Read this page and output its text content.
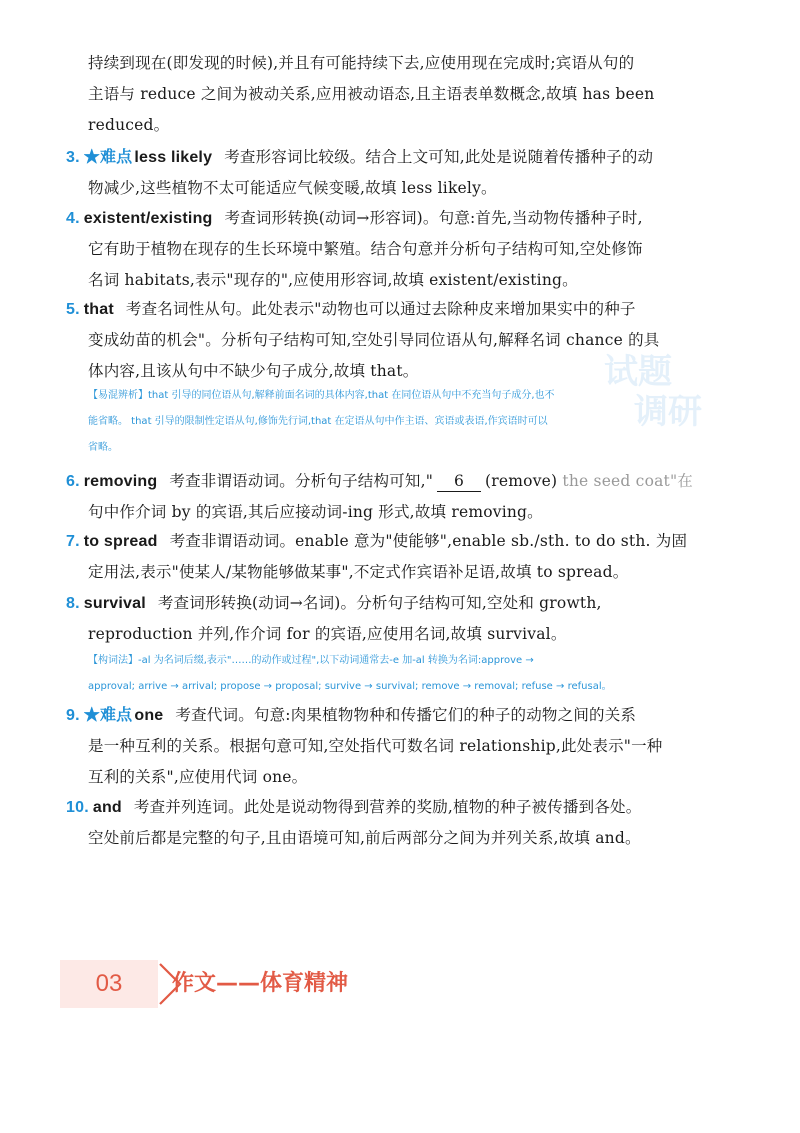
持续到现在(即发现的时候),并且有可能持续下去,应使用现在完成时;宾语从句的
主语与 reduce 之间为被动关系,应用被动语态,且主语表单数概念,故填 has been
reduced。
3. ★难点 less likely 考查形容词比较级。结合上文可知,此处是说随着传播种子的动
物减少,这些植物不太可能适应气候变暖,故填 less likely。
4. existent/existing 考查词形转换(动词→形容词)。句意:首先,当动物传播种子时,
它有助于植物在现存的生长环境中繁殖。结合句意并分析句子结构可知,空处修饰
名词 habitats,表示"现存的",应使用形容词,故填 existent/existing。
5. that 考查名词性从句。此处表示"动物也可以通过去除种皮来增加果实中的种子
变成幼苗的机会"。分析句子结构可知,空处引导同位语从句,解释名词 chance 的具
体内容,且该从句中不缺少句子成分,故填 that。
【易混辨析】that 引导的同位语从句,解释前面名词的具体内容,that 在同位语从句中不充当句子成分,也不
能省略。 that 引导的限制性定语从句,修饰先行词,that 在定语从句中作主语、宾语或表语,作宾语时可以
省略。
试题
调研
6. removing 考查非谓语动词。分析句子结构可知," 6 (remove) the seed coat"在
句中作介词 by 的宾语,其后应接动词-ing 形式,故填 removing。
7. to spread 考查非谓语动词。enable 意为"使能够",enable sb./sth. to do sth. 为固
定用法,表示"使某人/某物能够做某事",不定式作宾语补足语,故填 to spread。
8. survival 考查词形转换(动词→名词)。分析句子结构可知,空处和 growth,
reproduction 并列,作介词 for 的宾语,应使用名词,故填 survival。
【构词法】-al 为名词后缀,表示"……的动作或过程",以下动词通常去-e 加-al 转换为名词:approve →
approval; arrive → arrival; propose → proposal; survive → survival; remove → removal; refuse → refusal。
9. ★难点 one 考查代词。句意:肉果植物物种和传播它们的种子的动物之间的关系
是一种互利的关系。根据句意可知,空处指代可数名词 relationship,此处表示"一种
互利的关系",应使用代词 one。
10. and 考查并列连词。此处是说动物得到营养的奖励,植物的种子被传播到各处。
空处前后都是完整的句子,且由语境可知,前后两部分之间为并列关系,故填 and。
03	作文——体育精神
